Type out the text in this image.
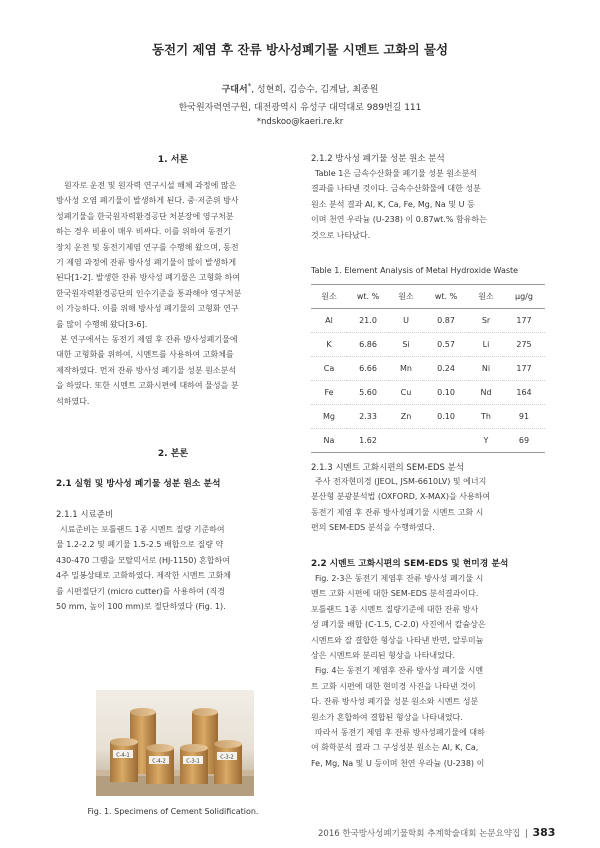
동전기 제염 후 잔류 방사성폐기물 시멘트 고화의 물성
구대서*, 성현희, 김승수, 김계남, 최종원
한국원자력연구원, 대전광역시 유성구 대덕대로 989번길 111
*ndskoo@kaeri.re.kr
1. 서론
원자로 운전 및 원자력 연구시설 해체 과정에 많은
방사성 오염 폐기물이 발생하게 된다. 중·저준위 방사
성폐기물을 한국원자력환경공단 처분장에 영구처분
하는 경우 비용이 매우 비싸다. 이를 위하여 동전기
장치 운전 및 동전기제염 연구를 수행해 왔으며, 동전
기 제염 과정에 잔류 방사성 폐기물이 많이 발생하게
된다[1-2]. 발생한 잔류 방사성 폐기물은 고형화 하여
한국원자력환경공단의 인수기준을 통과해야 영구처분
이 가능하다. 이를 위해 방사성 폐기물의 고형화 연구
를 많이 수행해 왔다[3-6].
본 연구에서는 동전기 제염 후 잔류 방사성폐기물에
대한 고형화를 위하여, 시멘트를 사용하여 고화체를
제작하였다. 먼저 잔류 방사성 폐기물 성분 원소분석
을 하였다. 또한 시멘트 고화시편에 대하여 물성을 분
석하였다.
2. 본론
2.1 실험 및 방사성 폐기물 성분 원소 분석
2.1.1 시료준비
시료준비는 포틀랜드 1종 시멘트 질량 기준하여
물 1.2-2.2 및 폐기물 1.5-2.5 배합으로 질량 약
430-470 그램을 모탈믹서로 (HJ-1150) 혼합하여
4주 밀봉상태로 고화하였다. 제작한 시멘트 고화체
를 시편절단기 (micro cutter)를 사용하여 (직경
50 mm, 높이 100 mm)로 절단하였다 (Fig. 1).
C-4-1
C-4-2	C-3-1
C-3-2
Fig. 1. Specimens of Cement Solidification.
2.1.2 방사성 폐기물 성분 원소 분석
Table 1은 금속수산화물 폐기물 성분 원소분석
결과를 나타낸 것이다. 금속수산화물에 대한 성분
원소 분석 결과 Al, K, Ca, Fe, Mg, Na 및 U 등
이며 천연 우라늄 (U-238) 이 0.87wt.% 함유하는
것으로 나타났다.
Table 1. Element Analysis of Metal Hydroxide Waste
원소	wt. %	원소	wt. %	원소	μg/g
Al	21.0	U	0.87	Sr	177
K	6.86	Si	0.57	Li	275
Ca	6.66	Mn	0.24	Ni	177
Fe	5.60	Cu	0.10	Nd	164
Mg	2.33	Zn	0.10	Th	91
Na	1.62			Y	69
2.1.3 시멘트 고화시편의 SEM-EDS 분석
주사 전자현미경 (JEOL, JSM-6610LV) 및 에너지
분산형 분광분석법 (OXFORD, X-MAX)을 사용하여
동전기 제염 후 잔류 방사성폐기물 시멘트 고화 시
편의 SEM-EDS 분석을 수행하였다.
2.2 시멘트 고화시편의 SEM-EDS 및 현미경 분석
Fig. 2-3은 동전기 제염후 잔류 방사성 폐기물 시
멘트 고화 시편에 대한 SEM-EDS 분석결과이다.
포틀랜드 1종 시멘트 질량기준에 대한 잔류 방사
성 폐기물 배합 (C-1.5, C-2.0) 사진에서 칼슘상은
시멘트와 잘 결합한 형상을 나타낸 반면, 알루미늄
상은 시멘트와 분리된 형상을 나타내었다.
Fig. 4는 동전기 제염후 잔류 방사성 폐기물 시멘
트 고화 시편에 대한 현미경 사진을 나타낸 것이
다. 잔류 방사성 폐기물 성분 원소와 시멘트 성분
원소가 혼합하여 결합된 형상을 나타내었다.
따라서 동전기 제염 후 잔류 방사성폐기물에 대하
여 화학분석 결과 그 구성성분 원소는 Al, K, Ca,
Fe, Mg, Na 및 U 등이며 천연 우라늄 (U-238) 이
2016 한국방사성폐기물학회 추계학술대회 논문요약집 | 383
